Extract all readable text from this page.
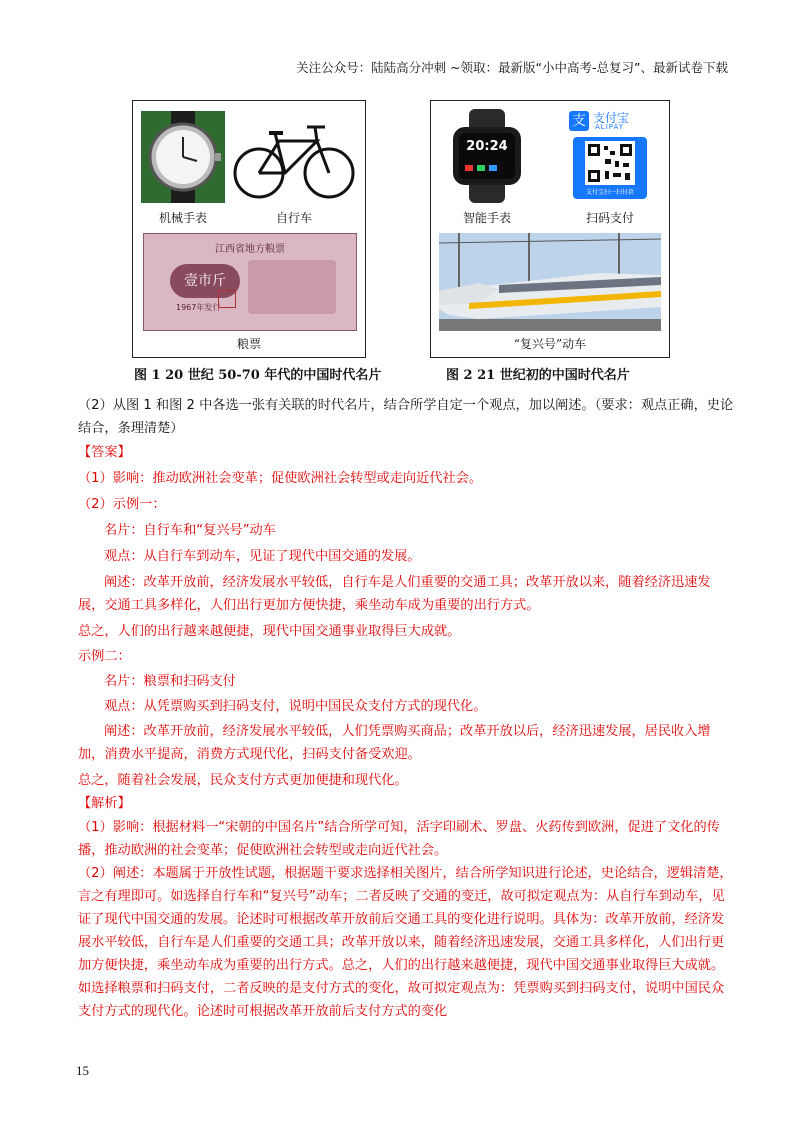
关注公众号：陆陆高分冲刺 ~领取：最新版“小中高考-总复习”、最新试卷下载
机械手表	自行车
江西省地方粮票
壹市斤
1967年发行
粮票
20:24
智能手表
支 支付宝
ALIPAY
支付宝扫一扫付款
扫码支付
“复兴号”动车
图 1 20 世纪 50-70 年代的中国时代名片	图 2 21 世纪初的中国时代名片
（2）从图 1 和图 2 中各选一张有关联的时代名片，结合所学自定一个观点，加以阐述。（要求：观点正确，史论结合，条理清楚）
【答案】
（1）影响：推动欧洲社会变革；促使欧洲社会转型或走向近代社会。
（2）示例一：
名片：自行车和“复兴号”动车
观点：从自行车到动车，见证了现代中国交通的发展。
阐述：改革开放前，经济发展水平较低，自行车是人们重要的交通工具；改革开放以来，随着经济迅速发展，交通工具多样化，人们出行更加方便快捷，乘坐动车成为重要的出行方式。
总之，人们的出行越来越便捷，现代中国交通事业取得巨大成就。
示例二：
名片：粮票和扫码支付
观点：从凭票购买到扫码支付，说明中国民众支付方式的现代化。
阐述：改革开放前，经济发展水平较低，人们凭票购买商品；改革开放以后，经济迅速发展，居民收入增加，消费水平提高，消费方式现代化，扫码支付备受欢迎。
总之，随着社会发展，民众支付方式更加便捷和现代化。
【解析】
（1）影响：根据材料一“宋朝的中国名片”结合所学可知，活字印刷术、罗盘、火药传到欧洲，促进了文化的传播，推动欧洲的社会变革；促使欧洲社会转型或走向近代社会。
（2）阐述：本题属于开放性试题，根据题干要求选择相关图片，结合所学知识进行论述，史论结合，逻辑清楚，言之有理即可。如选择自行车和“复兴号”动车；二者反映了交通的变迁，故可拟定观点为：从自行车到动车，见证了现代中国交通的发展。论述时可根据改革开放前后交通工具的变化进行说明。具体为：改革开放前，经济发展水平较低，自行车是人们重要的交通工具；改革开放以来，随着经济迅速发展，交通工具多样化，人们出行更加方便快捷，乘坐动车成为重要的出行方式。总之，人们的出行越来越便捷，现代中国交通事业取得巨大成就。如选择粮票和扫码支付，二者反映的是支付方式的变化，故可拟定观点为：凭票购买到扫码支付，说明中国民众支付方式的现代化。论述时可根据改革开放前后支付方式的变化
15
